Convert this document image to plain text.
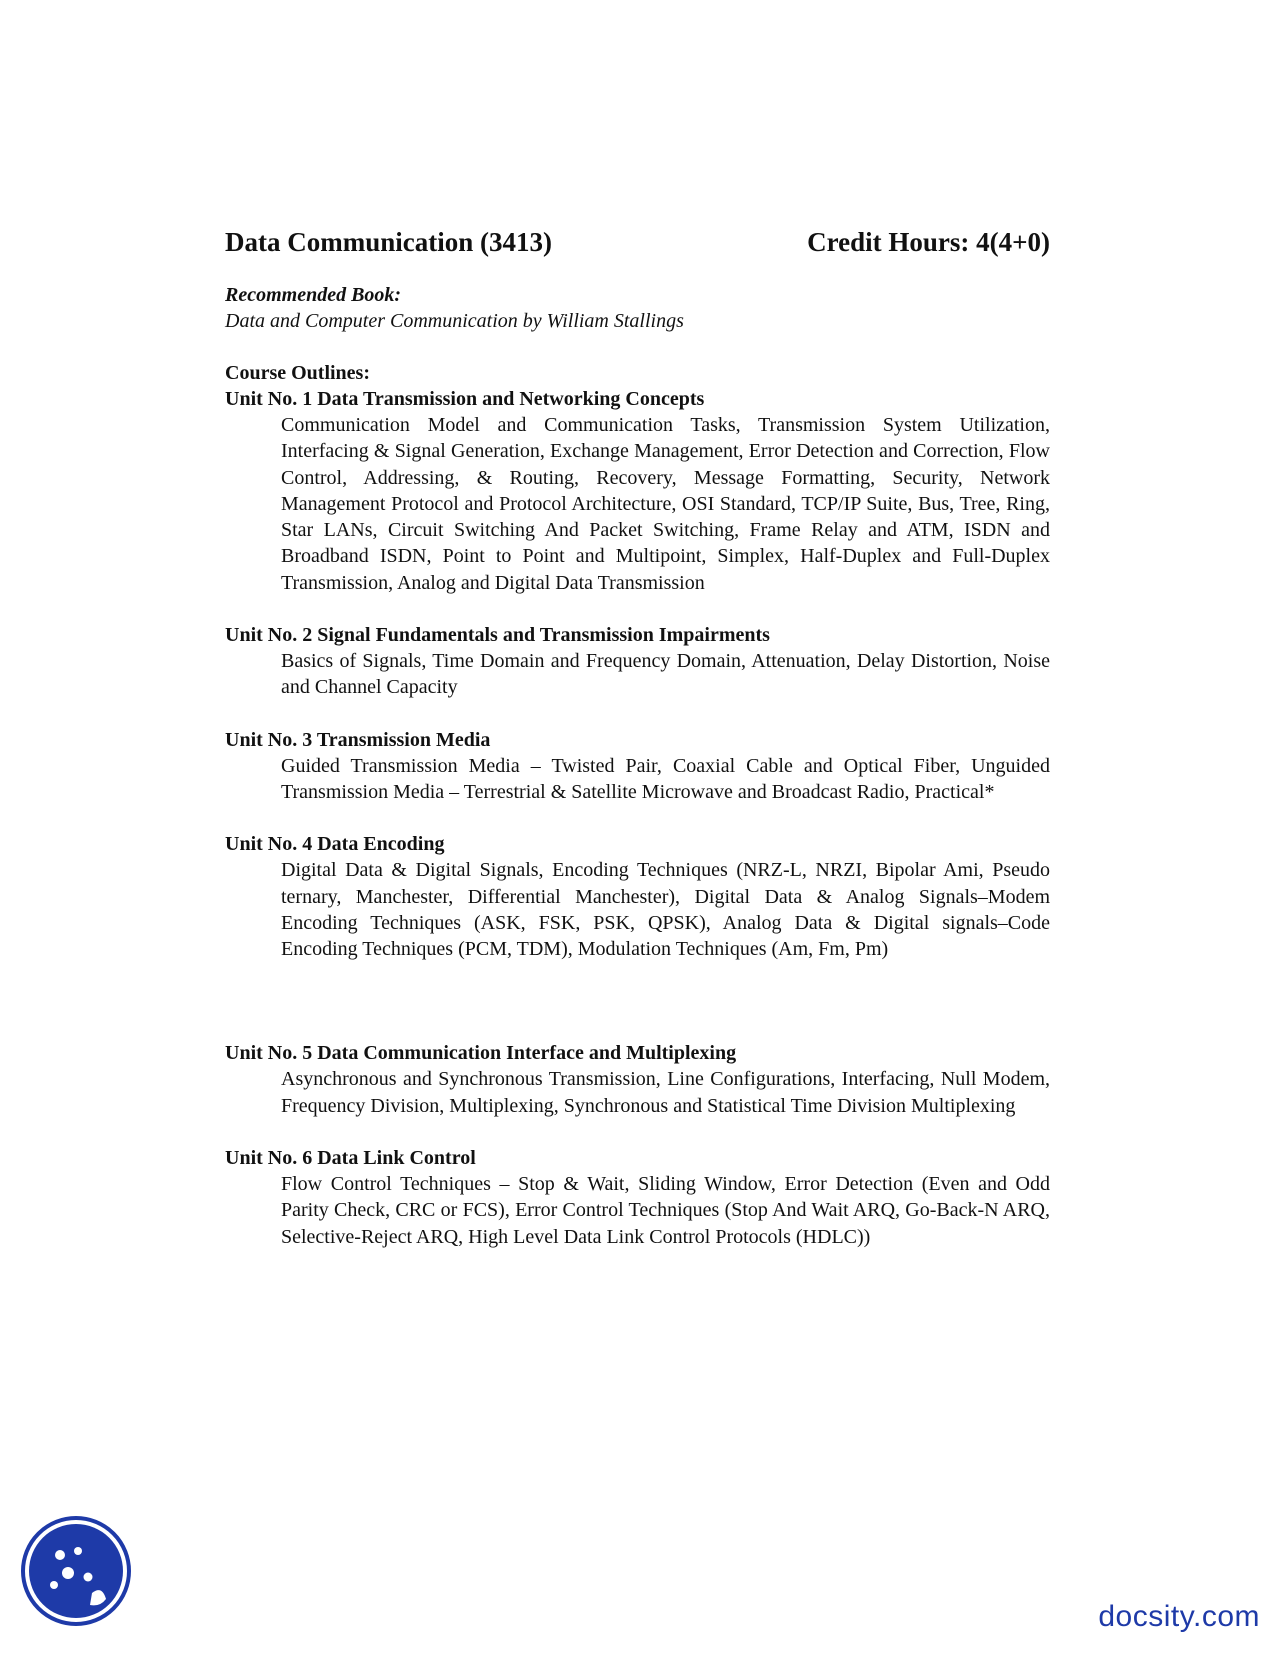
Data Communication (3413)	Credit Hours: 4(4+0)
Recommended Book:
Data and Computer Communication by William Stallings
Course Outlines:
Unit No. 1 Data Transmission and Networking Concepts
Communication Model and Communication Tasks, Transmission System Utilization, Interfacing & Signal Generation, Exchange Management, Error Detection and Correction, Flow Control, Addressing, & Routing, Recovery, Message Formatting, Security, Network Management Protocol and Protocol Architecture, OSI Standard, TCP/IP Suite, Bus, Tree, Ring, Star LANs, Circuit Switching And Packet Switching, Frame Relay and ATM, ISDN and Broadband ISDN, Point to Point and Multipoint, Simplex, Half-Duplex and Full-Duplex Transmission, Analog and Digital Data Transmission
Unit No. 2 Signal Fundamentals and Transmission Impairments
Basics of Signals, Time Domain and Frequency Domain, Attenuation, Delay Distortion, Noise and Channel Capacity
Unit No. 3 Transmission Media
Guided Transmission Media – Twisted Pair, Coaxial Cable and Optical Fiber, Unguided Transmission Media – Terrestrial & Satellite Microwave and Broadcast Radio, Practical*
Unit No. 4 Data Encoding
Digital Data & Digital Signals, Encoding Techniques (NRZ-L, NRZI, Bipolar Ami, Pseudo ternary, Manchester, Differential Manchester), Digital Data & Analog Signals–Modem Encoding Techniques (ASK, FSK, PSK, QPSK), Analog Data & Digital signals–Code Encoding Techniques (PCM, TDM), Modulation Techniques (Am, Fm, Pm)
Unit No. 5 Data Communication Interface and Multiplexing
Asynchronous and Synchronous Transmission, Line Configurations, Interfacing, Null Modem, Frequency Division, Multiplexing, Synchronous and Statistical Time Division Multiplexing
Unit No. 6 Data Link Control
Flow Control Techniques – Stop & Wait, Sliding Window, Error Detection (Even and Odd Parity Check, CRC or FCS), Error Control Techniques (Stop And Wait ARQ, Go-Back-N ARQ, Selective-Reject ARQ, High Level Data Link Control Protocols (HDLC))
docsity.com
